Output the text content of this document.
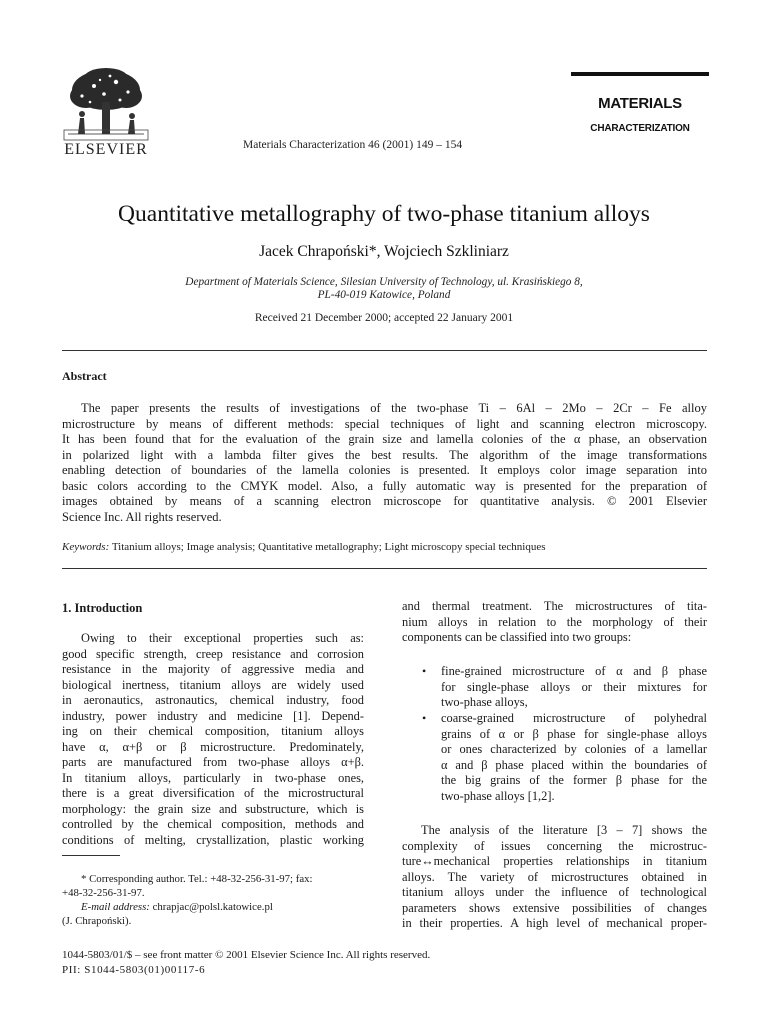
ELSEVIER	Materials Characterization 46 (2001) 149 – 154
MATERIALS
CHARACTERIZATION
Quantitative metallography of two-phase titanium alloys
Jacek Chrapoński*, Wojciech Szkliniarz
Department of Materials Science, Silesian University of Technology, ul. Krasińskiego 8,
PL-40-019 Katowice, Poland
Received 21 December 2000; accepted 22 January 2001
Abstract
The paper presents the results of investigations of the two-phase Ti – 6Al – 2Mo – 2Cr – Fe alloy
microstructure by means of different methods: special techniques of light and scanning electron microscopy.
It has been found that for the evaluation of the grain size and lamella colonies of the α phase, an observation
in polarized light with a lambda filter gives the best results. The algorithm of the image transformations
enabling detection of boundaries of the lamella colonies is presented. It employs color image separation into
basic colors according to the CMYK model. Also, a fully automatic way is presented for the preparation of
images obtained by means of a scanning electron microscope for quantitative analysis. © 2001 Elsevier
Science Inc. All rights reserved.
Keywords: Titanium alloys; Image analysis; Quantitative metallography; Light microscopy special techniques
1. Introduction
Owing to their exceptional properties such as:
good specific strength, creep resistance and corrosion
resistance in the majority of aggressive media and
biological inertness, titanium alloys are widely used
in aeronautics, astronautics, chemical industry, food
industry, power industry and medicine [1]. Depend-
ing on their chemical composition, titanium alloys
have α, α+β or β microstructure. Predominately,
parts are manufactured from two-phase alloys α+β.
In titanium alloys, particularly in two-phase ones,
there is a great diversification of the microstructural
morphology: the grain size and substructure, which is
controlled by the chemical composition, methods and
conditions of melting, crystallization, plastic working
* Corresponding author. Tel.: +48-32-256-31-97; fax:
+48-32-256-31-97.
E-mail address: chrapjac@polsl.katowice.pl
(J. Chrapoński).
and thermal treatment. The microstructures of tita-
nium alloys in relation to the morphology of their
components can be classified into two groups:
• fine-grained microstructure of α and β phase
for single-phase alloys or their mixtures for
two-phase alloys,
• coarse-grained microstructure of polyhedral
grains of α or β phase for single-phase alloys
or ones characterized by colonies of a lamellar
α and β phase placed within the boundaries of
the big grains of the former β phase for the
two-phase alloys [1,2].
The analysis of the literature [3 – 7] shows the
complexity of issues concerning the microstruc-
ture↔mechanical properties relationships in titanium
alloys. The variety of microstructures obtained in
titanium alloys under the influence of technological
parameters shows extensive possibilities of changes
in their properties. A high level of mechanical proper-
1044-5803/01/$ – see front matter © 2001 Elsevier Science Inc. All rights reserved.
PII: S1044-5803(01)00117-6
